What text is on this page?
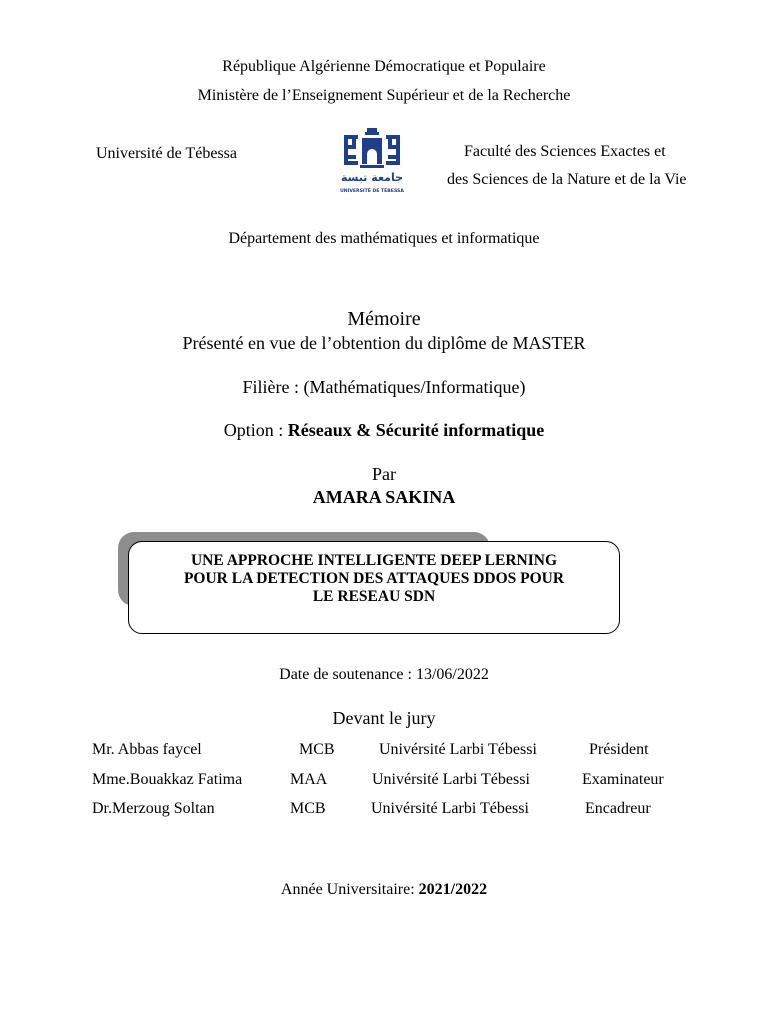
République Algérienne Démocratique et Populaire
Ministère de l’Enseignement Supérieur et de la Recherche
Université de Tébessa
جامعة تبسة
UNIVERSITÉ DE TÉBESSA
Faculté des Sciences Exactes et
des Sciences de la Nature et de la Vie
Département des mathématiques et informatique
Mémoire
Présenté en vue de l’obtention du diplôme de MASTER
Filière : (Mathématiques/Informatique)
Option : Réseaux & Sécurité informatique
Par
AMARA SAKINA
UNE APPROCHE INTELLIGENTE DEEP LERNING
POUR LA DETECTION DES ATTAQUES DDOS POUR
LE RESEAU SDN
Date de soutenance : 13/06/2022
Devant le jury
Mr. Abbas faycel	MCB	Univérsité Larbi Tébessi	Président
Mme.Bouakkaz Fatima	MAA	Univérsité Larbi Tébessi	Examinateur
Dr.Merzoug Soltan	MCB	Univérsité Larbi Tébessi	Encadreur
Année Universitaire: 2021/2022
